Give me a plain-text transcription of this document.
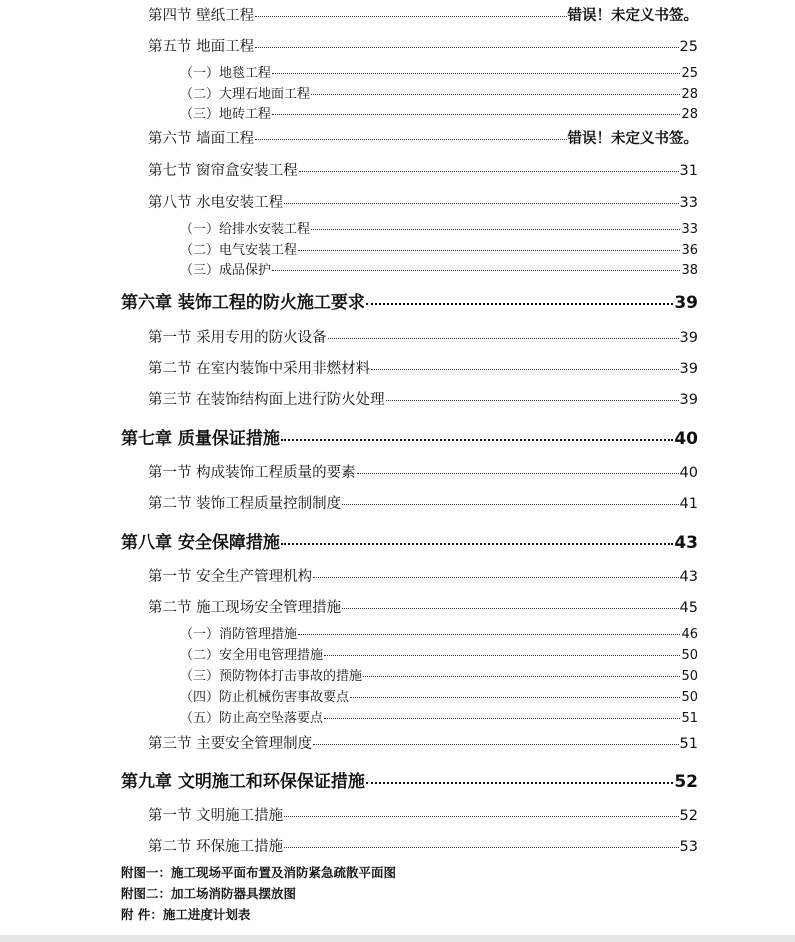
第四节 壁纸工程	错误！未定义书签。
第五节 地面工程	25
（一）地毯工程	25
（二）大理石地面工程	28
（三）地砖工程	28
第六节 墙面工程	错误！未定义书签。
第七节 窗帘盒安装工程	31
第八节 水电安装工程	33
（一）给排水安装工程	33
（二）电气安装工程	36
（三）成品保护	38
第六章 装饰工程的防火施工要求	39
第一节 采用专用的防火设备	39
第二节 在室内装饰中采用非燃材料	39
第三节 在装饰结构面上进行防火处理	39
第七章 质量保证措施	40
第一节 构成装饰工程质量的要素	40
第二节 装饰工程质量控制制度	41
第八章 安全保障措施	43
第一节 安全生产管理机构	43
第二节 施工现场安全管理措施	45
（一）消防管理措施	46
（二）安全用电管理措施	50
（三）预防物体打击事故的措施	50
（四）防止机械伤害事故要点	50
（五）防止高空坠落要点	51
第三节 主要安全管理制度	51
第九章 文明施工和环保保证措施	52
第一节 文明施工措施	52
第二节 环保施工措施	53
附图一：施工现场平面布置及消防紧急疏散平面图
附图二：加工场消防器具摆放图
附 件：施工进度计划表
